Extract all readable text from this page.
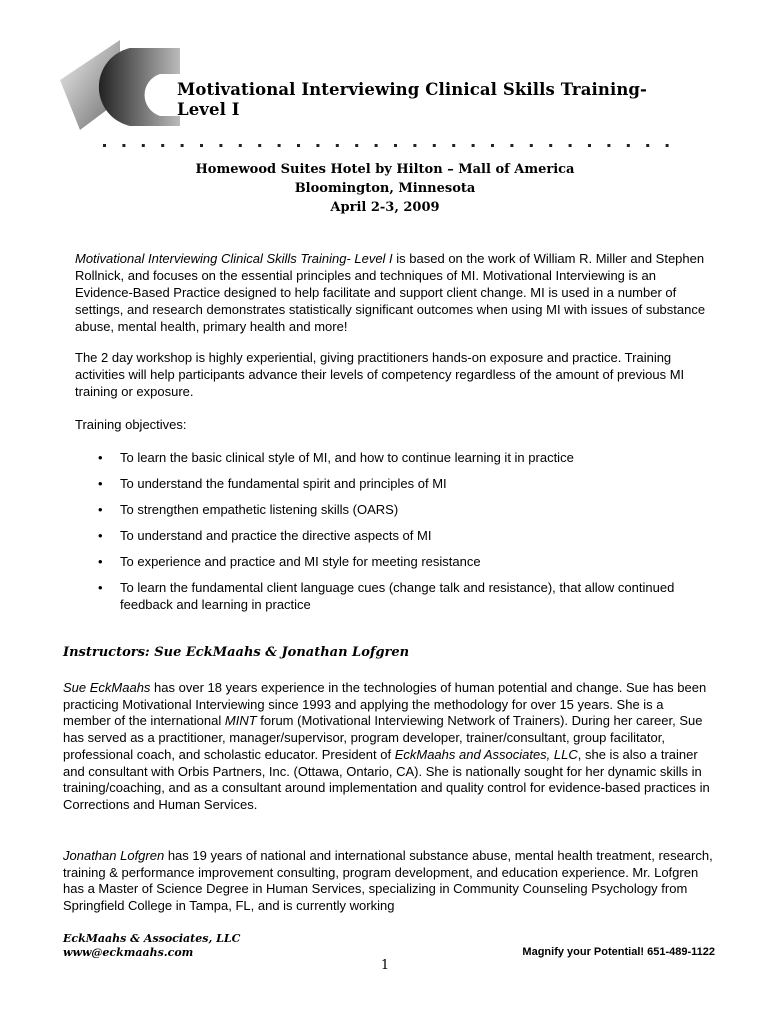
Motivational Interviewing Clinical Skills Training-
Level I
Homewood Suites Hotel by Hilton – Mall of America
Bloomington, Minnesota
April 2-3, 2009
Motivational Interviewing Clinical Skills Training- Level I is based on the work of William R. Miller and Stephen Rollnick, and focuses on the essential principles and techniques of MI. Motivational Interviewing is an Evidence-Based Practice designed to help facilitate and support client change. MI is used in a number of settings, and research demonstrates statistically significant outcomes when using MI with issues of substance abuse, mental health, primary health and more!
The 2 day workshop is highly experiential, giving practitioners hands-on exposure and practice. Training activities will help participants advance their levels of competency regardless of the amount of previous MI training or exposure.
Training objectives:
• To learn the basic clinical style of MI, and how to continue learning it in practice
• To understand the fundamental spirit and principles of MI
• To strengthen empathetic listening skills (OARS)
• To understand and practice the directive aspects of MI
• To experience and practice and MI style for meeting resistance
• To learn the fundamental client language cues (change talk and resistance), that allow continued feedback and learning in practice
Instructors: Sue EckMaahs & Jonathan Lofgren
Sue EckMaahs has over 18 years experience in the technologies of human potential and change. Sue has been practicing Motivational Interviewing since 1993 and applying the methodology for over 15 years. She is a member of the international MINT forum (Motivational Interviewing Network of Trainers). During her career, Sue has served as a practitioner, manager/supervisor, program developer, trainer/consultant, group facilitator, professional coach, and scholastic educator. President of EckMaahs and Associates, LLC, she is also a trainer and consultant with Orbis Partners, Inc. (Ottawa, Ontario, CA). She is nationally sought for her dynamic skills in training/coaching, and as a consultant around implementation and quality control for evidence-based practices in Corrections and Human Services.
Jonathan Lofgren has 19 years of national and international substance abuse, mental health treatment, research, training & performance improvement consulting, program development, and education experience. Mr. Lofgren has a Master of Science Degree in Human Services, specializing in Community Counseling Psychology from Springfield College in Tampa, FL, and is currently working
EckMaahs & Associates, LLC
www@eckmaahs.com	Magnify your Potential! 651-489-1122
1
